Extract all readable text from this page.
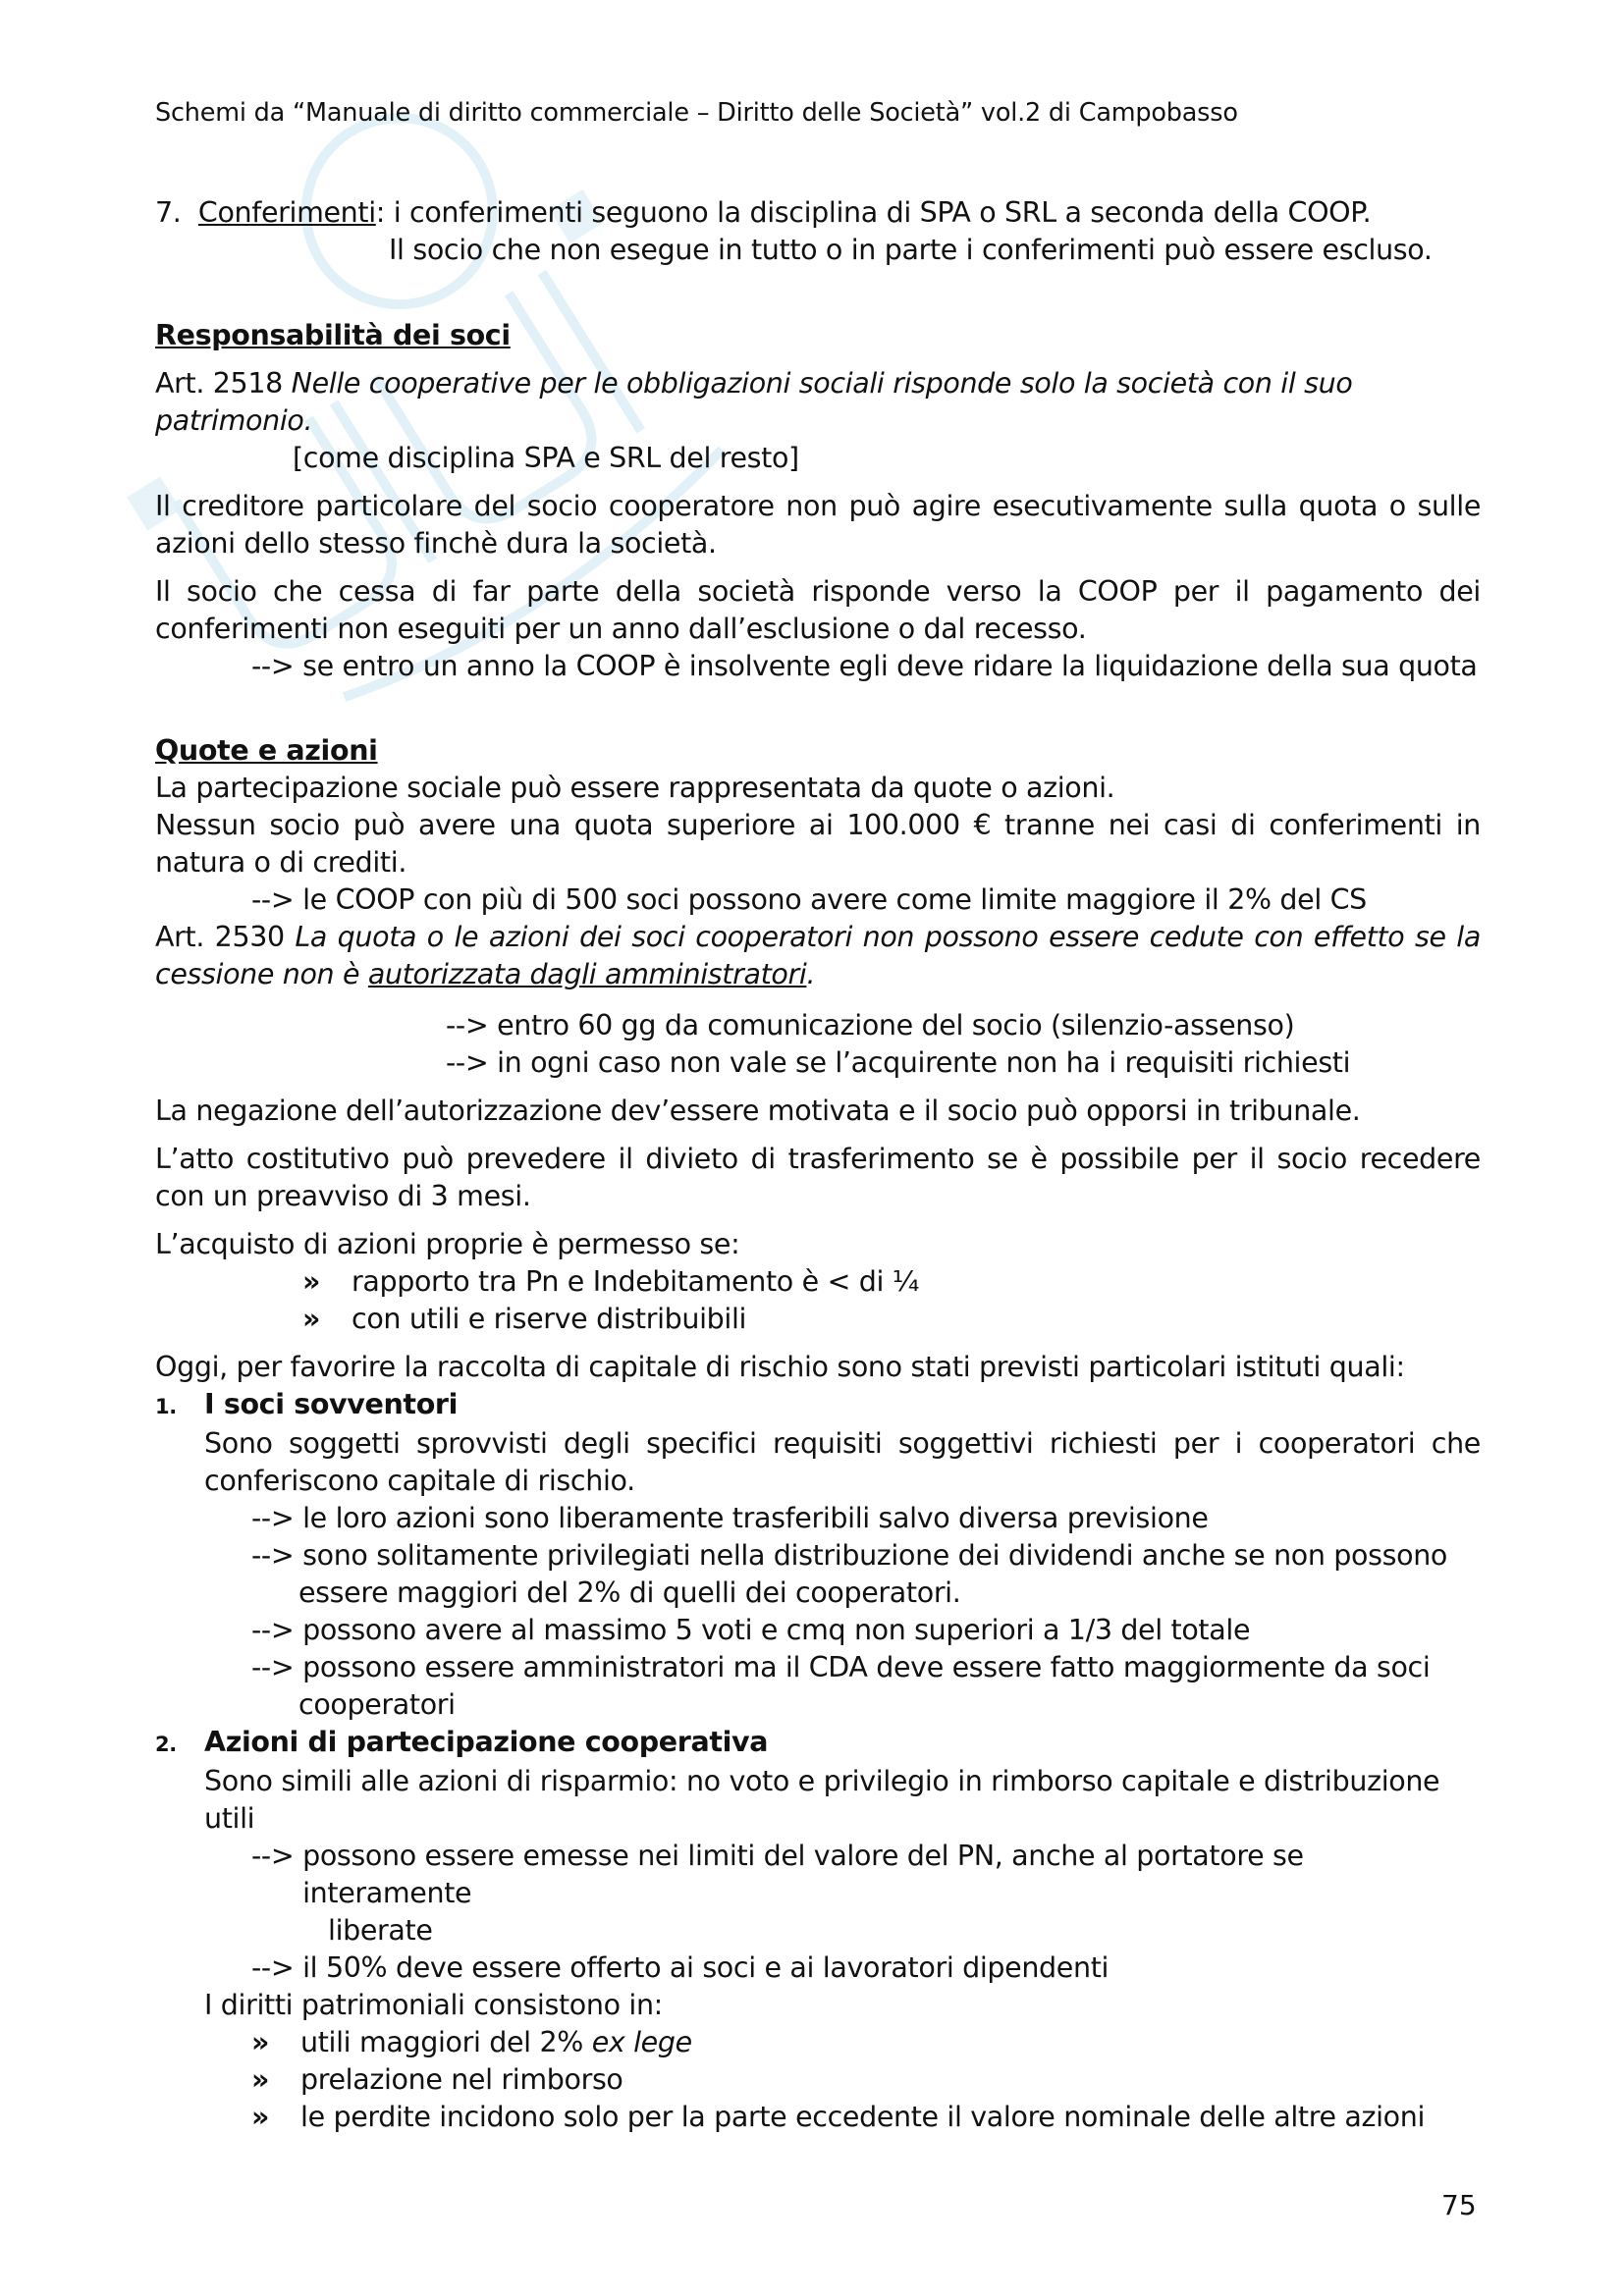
Schemi da “Manuale di diritto commerciale – Diritto delle Società” vol.2 di Campobasso

7. Conferimenti: i conferimenti seguono la disciplina di SPA o SRL a seconda della COOP.

Il socio che non esegue in tutto o in parte i conferimenti può essere escluso.

Responsabilità dei soci

Art. 2518 Nelle cooperative per le obbligazioni sociali risponde solo la società con il suo patrimonio.

[come disciplina SPA e SRL del resto]

Il creditore particolare del socio cooperatore non può agire esecutivamente sulla quota o sulle azioni dello stesso finchè dura la società.

Il socio che cessa di far parte della società risponde verso la COOP per il pagamento dei conferimenti non eseguiti per un anno dall’esclusione o dal recesso.

--> se entro un anno la COOP è insolvente egli deve ridare la liquidazione della sua quota

Quote e azioni

La partecipazione sociale può essere rappresentata da quote o azioni.

Nessun socio può avere una quota superiore ai 100.000 € tranne nei casi di conferimenti in natura o di crediti.

--> le COOP con più di 500 soci possono avere come limite maggiore il 2% del CS

Art. 2530 La quota o le azioni dei soci cooperatori non possono essere cedute con effetto se la cessione non è autorizzata dagli amministratori.

--> entro 60 gg da comunicazione del socio (silenzio-assenso)

--> in ogni caso non vale se l’acquirente non ha i requisiti richiesti

La negazione dell’autorizzazione dev’essere motivata e il socio può opporsi in tribunale.

L’atto costitutivo può prevedere il divieto di trasferimento se è possibile per il socio recedere con un preavviso di 3 mesi.

L’acquisto di azioni proprie è permesso se:

»	rapporto tra Pn e Indebitamento è < di ¼

»	con utili e riserve distribuibili

Oggi, per favorire la raccolta di capitale di rischio sono stati previsti particolari istituti quali:

1. I soci sovventori

Sono soggetti sprovvisti degli specifici requisiti soggettivi richiesti per i cooperatori che conferiscono capitale di rischio.

--> le loro azioni sono liberamente trasferibili salvo diversa previsione

--> sono solitamente privilegiati nella distribuzione dei dividendi anche se non possono

essere maggiori del 2% di quelli dei cooperatori.

--> possono avere al massimo 5 voti e cmq non superiori a 1/3 del totale

--> possono essere amministratori ma il CDA deve essere fatto maggiormente da soci

cooperatori

2. Azioni di partecipazione cooperativa

Sono simili alle azioni di risparmio: no voto e privilegio in rimborso capitale e distribuzione utili

--> possono essere emesse nei limiti del valore del PN, anche al portatore se interamente

liberate

--> il 50% deve essere offerto ai soci e ai lavoratori dipendenti

I diritti patrimoniali consistono in:

»	utili maggiori del 2% ex lege

»	prelazione nel rimborso

»	le perdite incidono solo per la parte eccedente il valore nominale delle altre azioni

75
